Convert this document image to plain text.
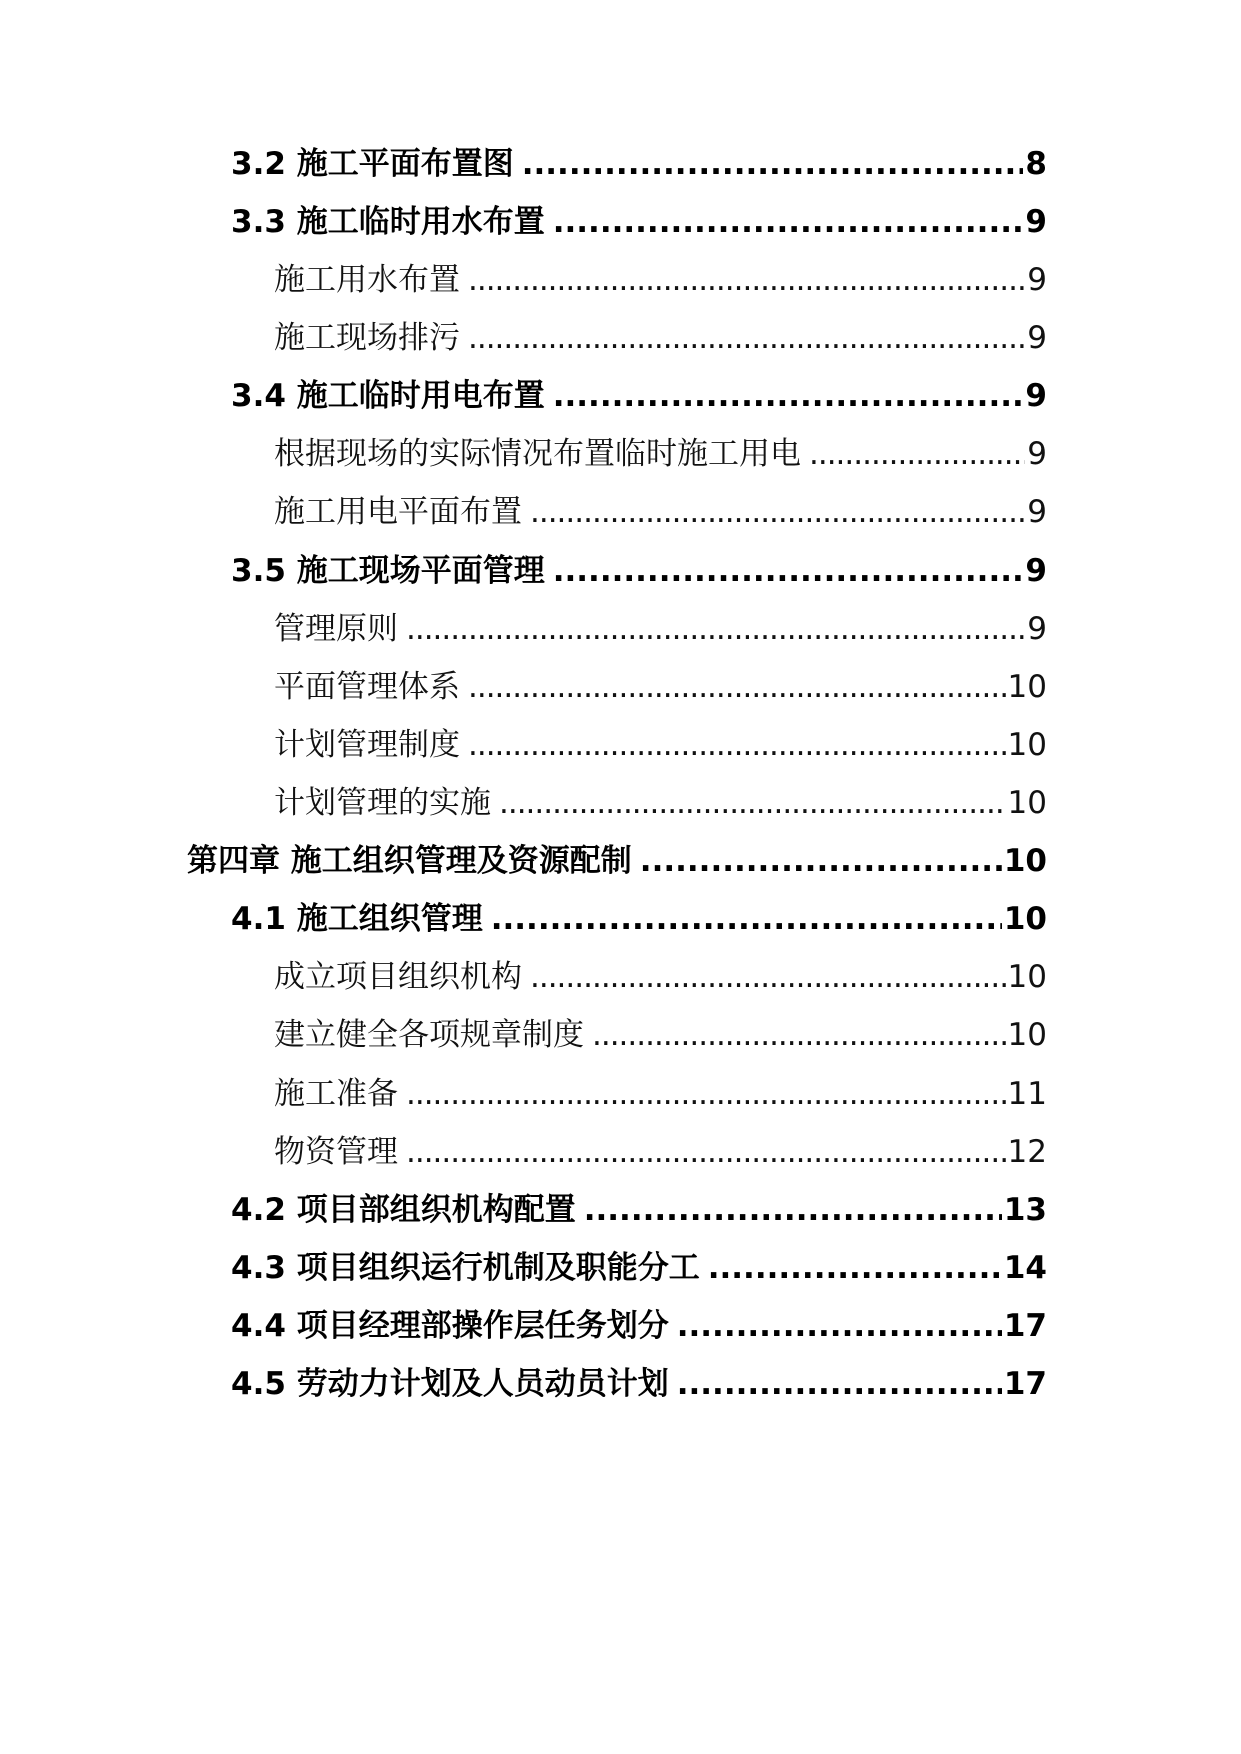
3.2 施工平面布置图 .....	8
3.3 施工临时用水布置 .....	9
施工用水布置 .....	9
施工现场排污 .....	9
3.4 施工临时用电布置 .....	9
根据现场的实际情况布置临时施工用电 .....	9
施工用电平面布置 .....	9
3.5 施工现场平面管理 .....	9
管理原则 .....	9
平面管理体系 .....	10
计划管理制度 .....	10
计划管理的实施 .....	10
第四章 施工组织管理及资源配制 .....	10
4.1 施工组织管理 .....	10
成立项目组织机构 .....	10
建立健全各项规章制度 .....	10
施工准备 .....	11
物资管理 .....	12
4.2 项目部组织机构配置 .....	13
4.3 项目组织运行机制及职能分工 .....	14
4.4 项目经理部操作层任务划分 .....	17
4.5 劳动力计划及人员动员计划 .....	17
